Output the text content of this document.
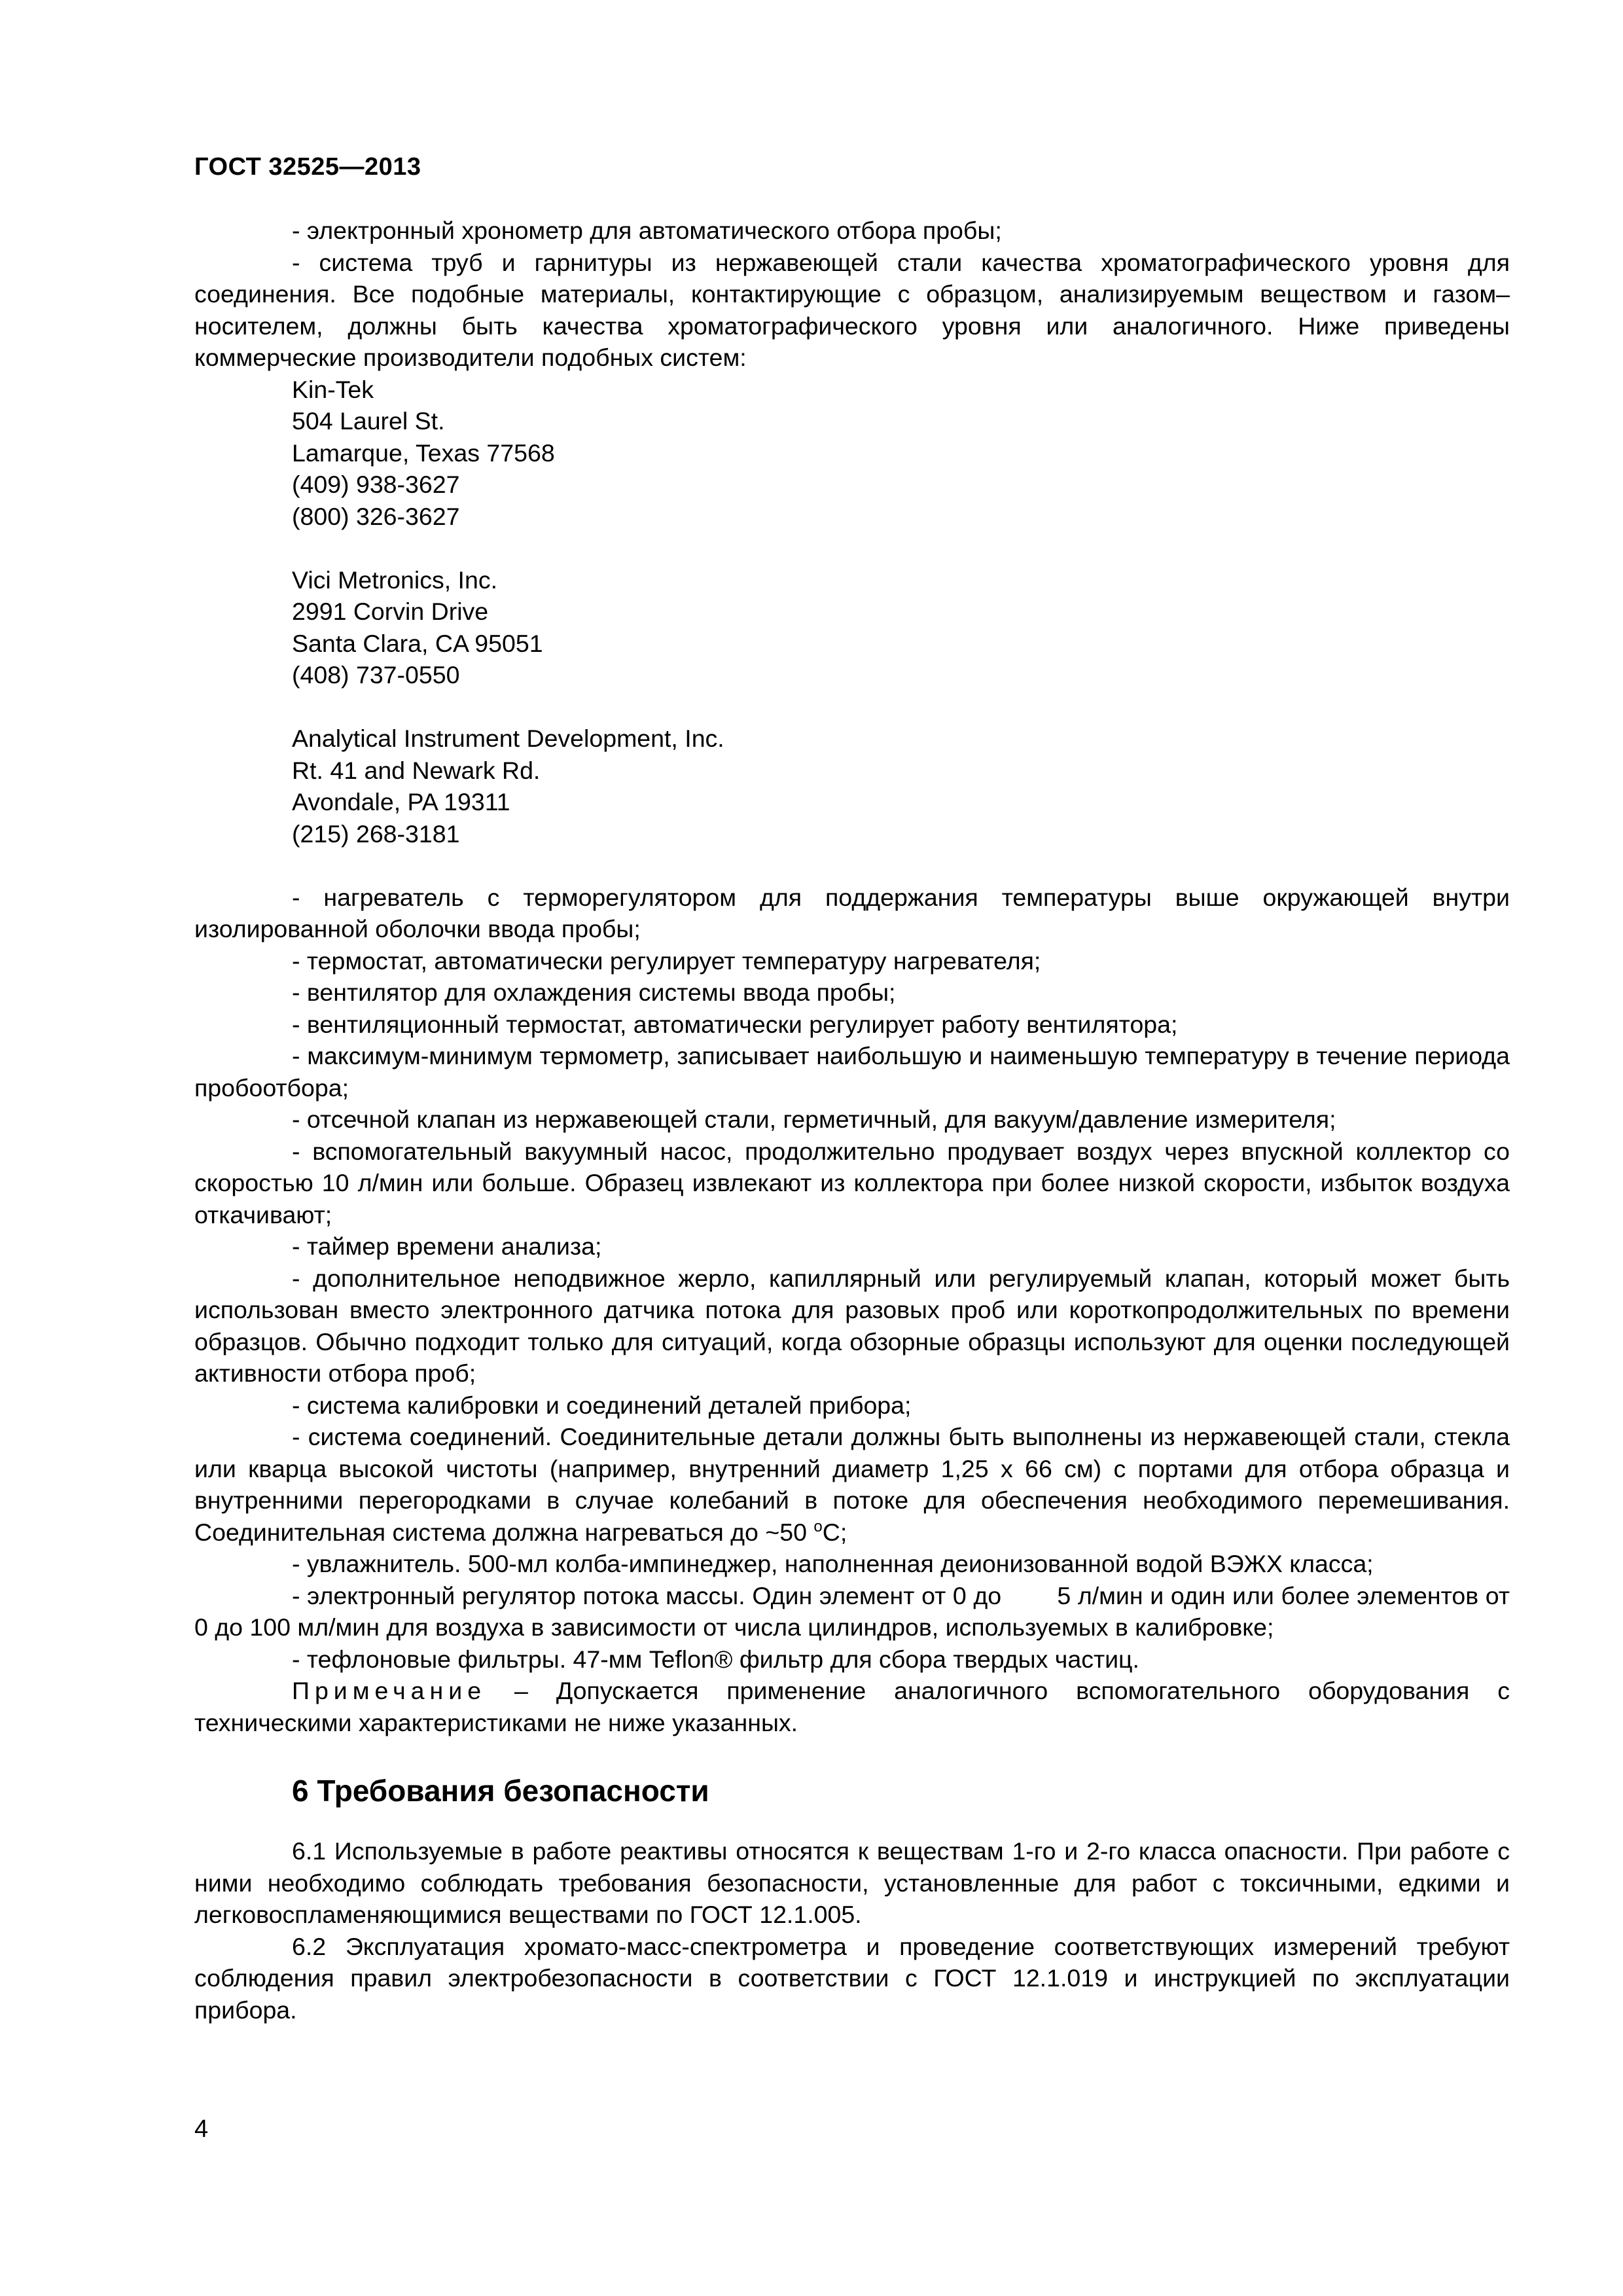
ГОСТ 32525—2013

- электронный хронометр для автоматического отбора пробы;

- система труб и гарнитуры из нержавеющей стали качества хроматографического уровня для соединения. Все подобные материалы, контактирующие с образцом, анализируемым веществом и газом–носителем, должны быть качества хроматографического уровня или аналогичного. Ниже приведены коммерческие производители подобных систем:

Kin-Tek
504 Laurel St.
Lamarque, Texas 77568
(409) 938-3627
(800) 326-3627
Vici Metronics, Inc.
2991 Corvin Drive
Santa Clara, CA 95051
(408) 737-0550
Analytical Instrument Development, Inc.
Rt. 41 and Newark Rd.
Avondale, PA 19311
(215) 268-3181

- нагреватель с терморегулятором для поддержания температуры выше окружающей внутри изолированной оболочки ввода пробы;

- термостат, автоматически регулирует температуру нагревателя;

- вентилятор для охлаждения системы ввода пробы;

- вентиляционный термостат, автоматически регулирует работу вентилятора;

- максимум-минимум термометр, записывает наибольшую и наименьшую температуру в течение периода пробоотбора;

- отсечной клапан из нержавеющей стали, герметичный, для вакуум/давление измерителя;

- вспомогательный вакуумный насос, продолжительно продувает воздух через впускной коллектор со скоростью 10 л/мин или больше. Образец извлекают из коллектора при более низкой скорости, избыток воздуха откачивают;

- таймер времени анализа;

- дополнительное неподвижное жерло, капиллярный или регулируемый клапан, который может быть использован вместо электронного датчика потока для разовых проб или короткопродолжительных по времени образцов. Обычно подходит только для ситуаций, когда обзорные образцы используют для оценки последующей активности отбора проб;

- система калибровки и соединений деталей прибора;

- система соединений. Соединительные детали должны быть выполнены из нержавеющей стали, стекла или кварца высокой чистоты (например, внутренний диаметр 1,25 х 66 см) с портами для отбора образца и внутренними перегородками в случае колебаний в потоке для обеспечения необходимого перемешивания. Соединительная система должна нагреваться до ~50 $^o$С;

- увлажнитель. 500-мл колба-импинеджер, наполненная деионизованной водой ВЭЖХ класса;

- электронный регулятор потока массы. Один элемент от 0 до        5 л/мин и один или более элементов от 0 до 100 мл/мин для воздуха в зависимости от числа цилиндров, используемых в калибровке;

- тефлоновые фильтры. 47-мм Teflon® фильтр для сбора твердых частиц.

Примечание – Допускается применение аналогичного вспомогательного оборудования с техническими характеристиками не ниже указанных.

6 Требования безопасности

6.1 Используемые в работе реактивы относятся к веществам 1-го и 2-го класса опасности. При работе с ними необходимо соблюдать требования безопасности, установленные для работ с токсичными, едкими и легковоспламеняющимися веществами по ГОСТ 12.1.005.

6.2 Эксплуатация хромато-масс-спектрометра и проведение соответствующих измерений требуют соблюдения правил электробезопасности в соответствии с ГОСТ 12.1.019 и инструкцией по эксплуатации прибора.

4
